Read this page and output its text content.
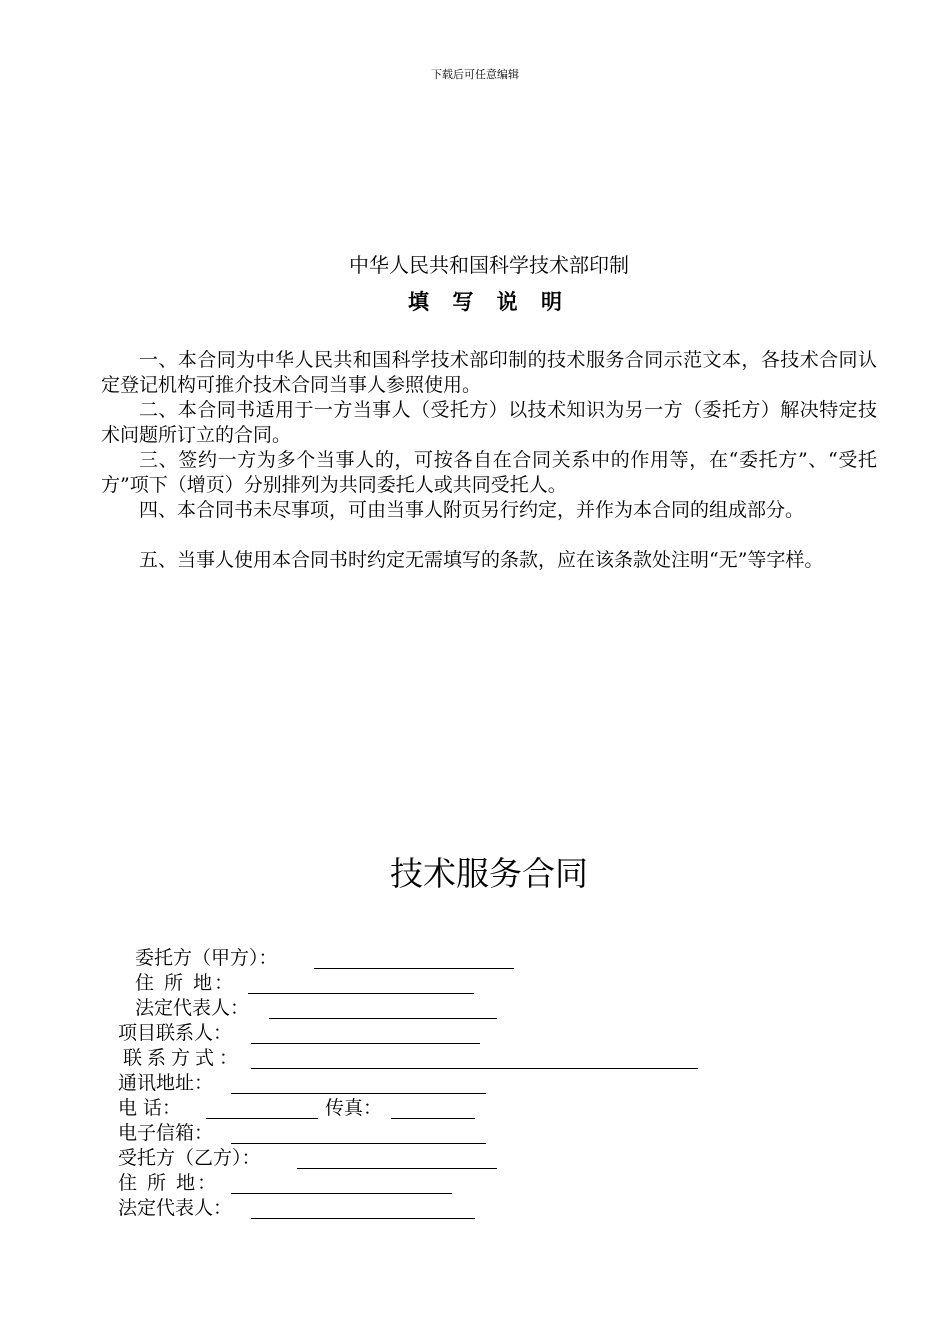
下载后可任意编辑
中华人民共和国科学技术部印制
填 写 说 明
一、本合同为中华人民共和国科学技术部印制的技术服务合同示范文本，各技术合同认定登记机构可推介技术合同当事人参照使用。
二、本合同书适用于一方当事人（受托方）以技术知识为另一方（委托方）解决特定技术问题所订立的合同。
三、签约一方为多个当事人的，可按各自在合同关系中的作用等，在“委托方”、“受托方”项下（增页）分别排列为共同委托人或共同受托人。
四、本合同书未尽事项，可由当事人附页另行约定，并作为本合同的组成部分。
五、当事人使用本合同书时约定无需填写的条款，应在该条款处注明“无”等字样。
技术服务合同
委托方（甲方）：
住 所 地：
法定代表人：
项目联系人：
联系方式：
通讯地址：
电 话：	传真：
电子信箱：
受托方（乙方）：
住 所 地：
法定代表人：
